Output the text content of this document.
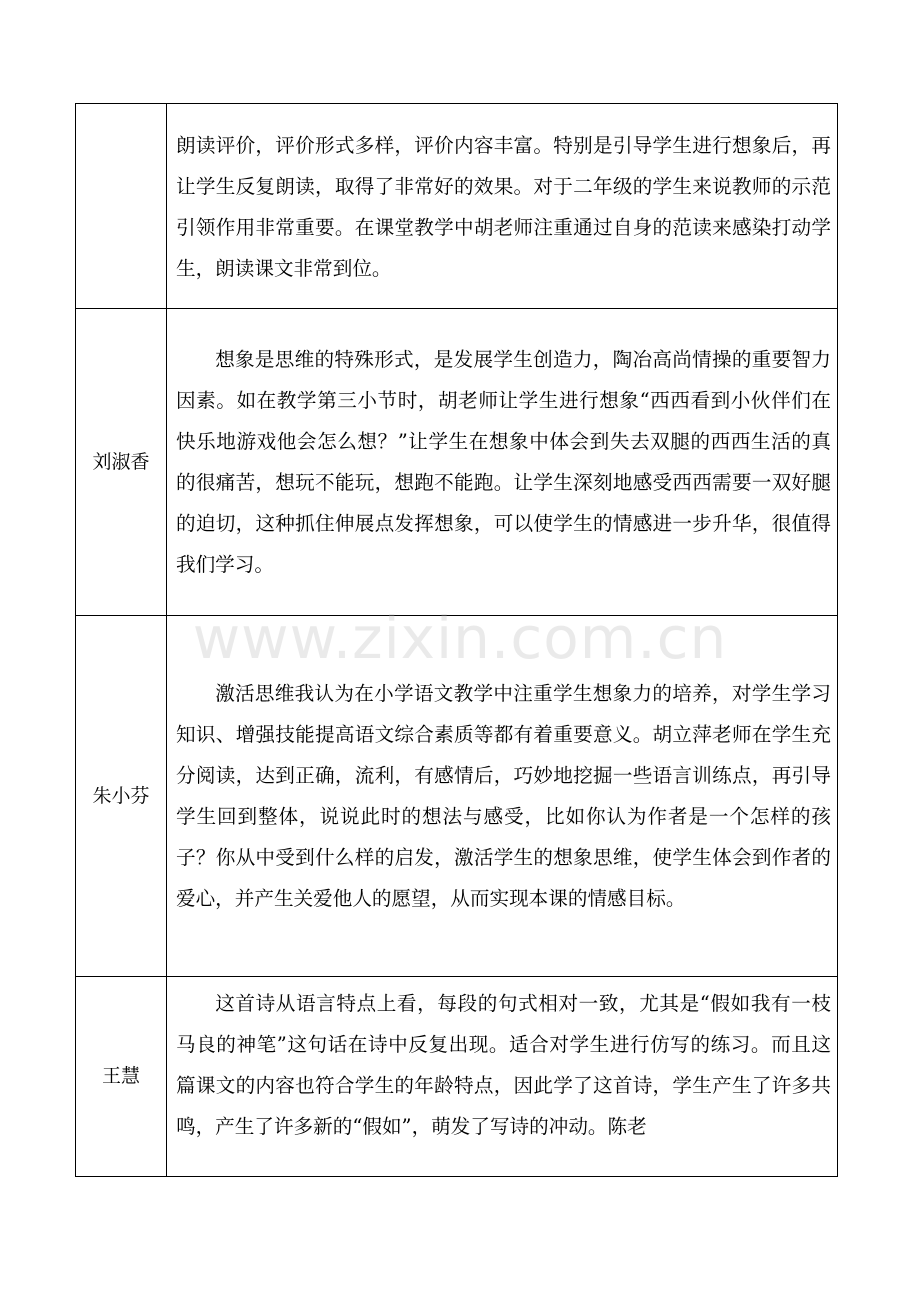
	朗读评价，评价形式多样，评价内容丰富。特别是引导学生进行想象后，再让学生反复朗读，取得了非常好的效果。对于二年级的学生来说教师的示范引领作用非常重要。在课堂教学中胡老师注重通过自身的范读来感染打动学生，朗读课文非常到位。

刘淑香	想象是思维的特殊形式，是发展学生创造力，陶冶高尚情操的重要智力因素。如在教学第三小节时，胡老师让学生进行想象“西西看到小伙伴们在快乐地游戏他会怎么想？”让学生在想象中体会到失去双腿的西西生活的真的很痛苦，想玩不能玩，想跑不能跑。让学生深刻地感受西西需要一双好腿的迫切，这种抓住伸展点发挥想象，可以使学生的情感进一步升华，很值得我们学习。

朱小芬	激活思维我认为在小学语文教学中注重学生想象力的培养，对学生学习知识、增强技能提高语文综合素质等都有着重要意义。胡立萍老师在学生充分阅读，达到正确，流利，有感情后，巧妙地挖掘一些语言训练点，再引导学生回到整体，说说此时的想法与感受，比如你认为作者是一个怎样的孩子？你从中受到什么样的启发，激活学生的想象思维，使学生体会到作者的爱心，并产生关爱他人的愿望，从而实现本课的情感目标。

王慧	这首诗从语言特点上看，每段的句式相对一致，尤其是“假如我有一枝马良的神笔”这句话在诗中反复出现。适合对学生进行仿写的练习。而且这篇课文的内容也符合学生的年龄特点，因此学了这首诗，学生产生了许多共鸣，产生了许多新的“假如”，萌发了写诗的冲动。陈老
www.zixin.com.cn
